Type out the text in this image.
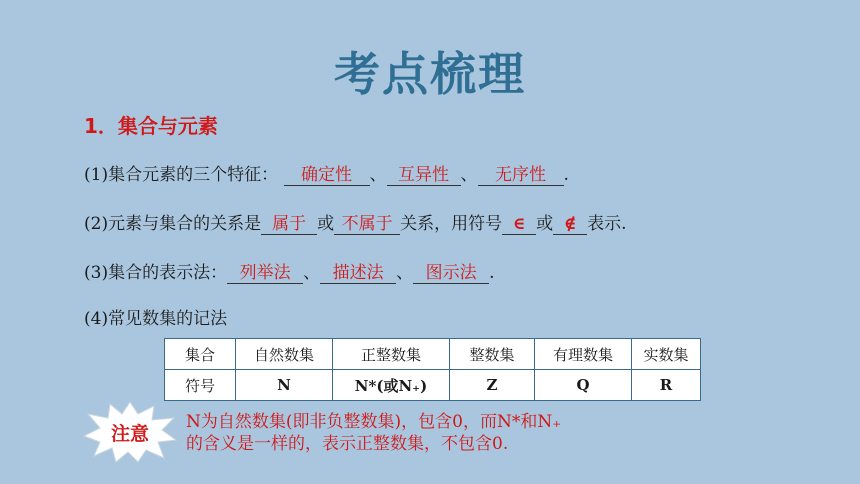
考点梳理
1．集合与元素
(1)集合元素的三个特征： 确定性 、 互异性 、 无序性 .
(2)元素与集合的关系是 属于 或 不属于 关系，用符号 ∈ 或 ∉ 表示.
(3)集合的表示法： 列举法 、 描述法 、 图示法 .
(4)常见数集的记法
集合	自然数集	正整数集	整数集	有理数集	实数集
符号	N	N*(或N₊)	Z	Q	R
注意
N为自然数集(即非负整数集)，包含0，而N*和N₊
的含义是一样的，表示正整数集，不包含0.
